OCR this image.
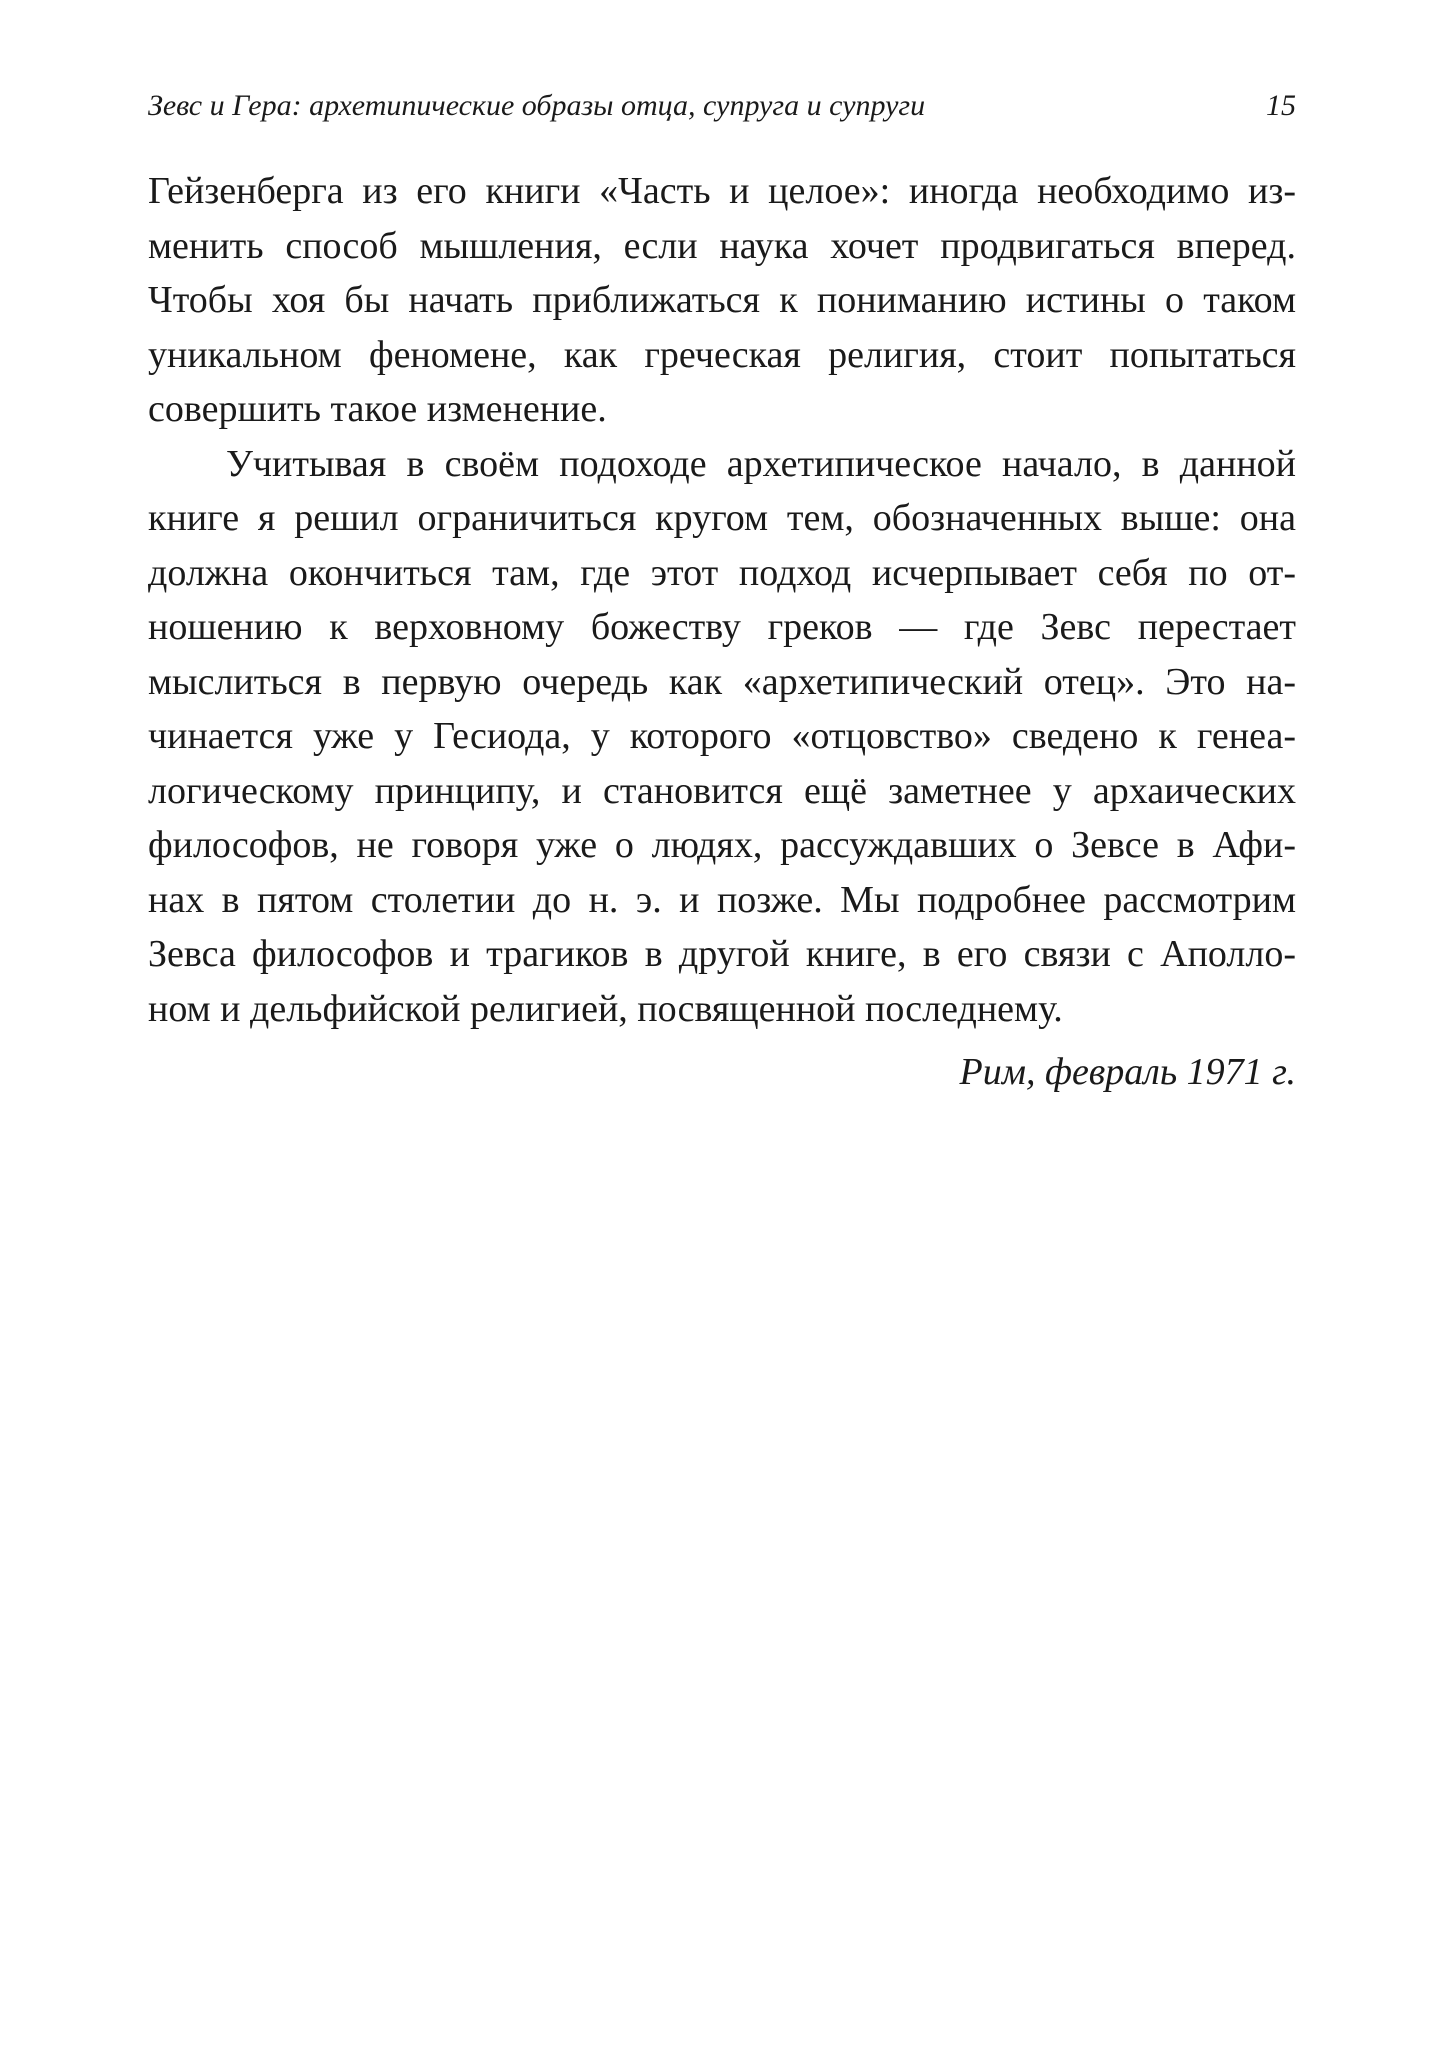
Зевс и Гера: архетипические образы отца, супруга и супруги	15
Гейзенберга из его книги «Часть и целое»: иногда необходимо из-
менить способ мышления, если наука хочет продвигаться вперед.
Чтобы хоя бы начать приближаться к пониманию истины о таком
уникальном феномене, как греческая религия, стоит попытаться
совершить такое изменение.
Учитывая в своём подоходе архетипическое начало, в данной
книге я решил ограничиться кругом тем, обозначенных выше: она
должна окончиться там, где этот подход исчерпывает себя по от-
ношению к верховному божеству греков — где Зевс перестает
мыслиться в первую очередь как «архетипический отец». Это на-
чинается уже у Гесиода, у которого «отцовство» сведено к генеа-
логическому принципу, и становится ещё заметнее у архаических
философов, не говоря уже о людях, рассуждавших о Зевсе в Афи-
нах в пятом столетии до н. э. и позже. Мы подробнее рассмотрим
Зевса философов и трагиков в другой книге, в его связи с Аполло-
ном и дельфийской религией, посвященной последнему.
Рим, февраль 1971 г.
